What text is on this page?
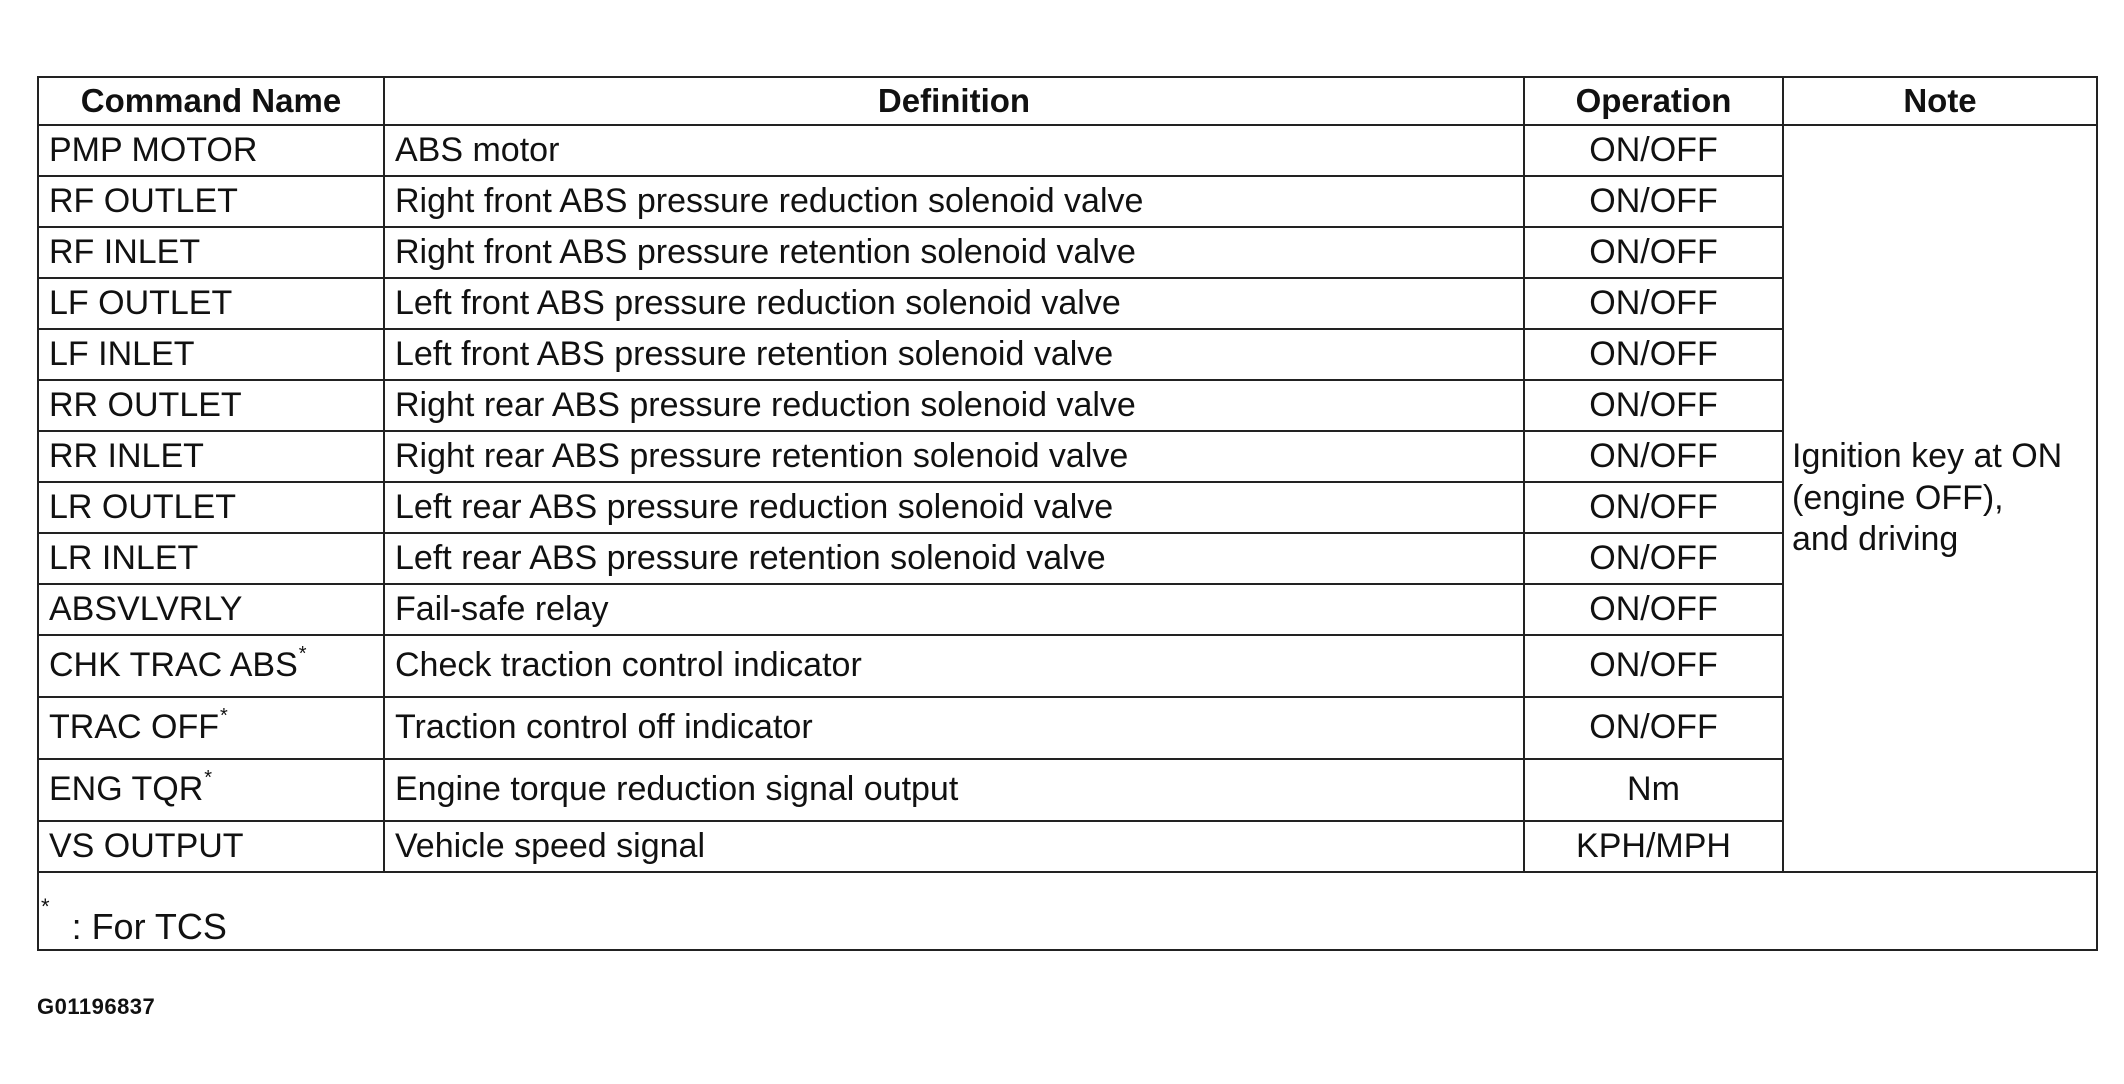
Command Name	Definition	Operation	Note
PMP MOTOR	ABS motor	ON/OFF	Ignition key at ON
(engine OFF),
and driving

RF OUTLET	Right front ABS pressure reduction solenoid valve	ON/OFF	
RF INLET	Right front ABS pressure retention solenoid valve	ON/OFF	
LF OUTLET	Left front ABS pressure reduction solenoid valve	ON/OFF	
LF INLET	Left front ABS pressure retention solenoid valve	ON/OFF	
RR OUTLET	Right rear ABS pressure reduction solenoid valve	ON/OFF	
RR INLET	Right rear ABS pressure retention solenoid valve	ON/OFF	
LR OUTLET	Left rear ABS pressure reduction solenoid valve	ON/OFF	
LR INLET	Left rear ABS pressure retention solenoid valve	ON/OFF	
ABSVLVRLY	Fail-safe relay	ON/OFF	
CHK TRAC ABS*	Check traction control indicator	ON/OFF	
TRAC OFF*	Traction control off indicator	ON/OFF	
ENG TQR*	Engine torque reduction signal output	Nm	
VS OUTPUT	Vehicle speed signal	KPH/MPH	
* : For TCS			
G01196837
